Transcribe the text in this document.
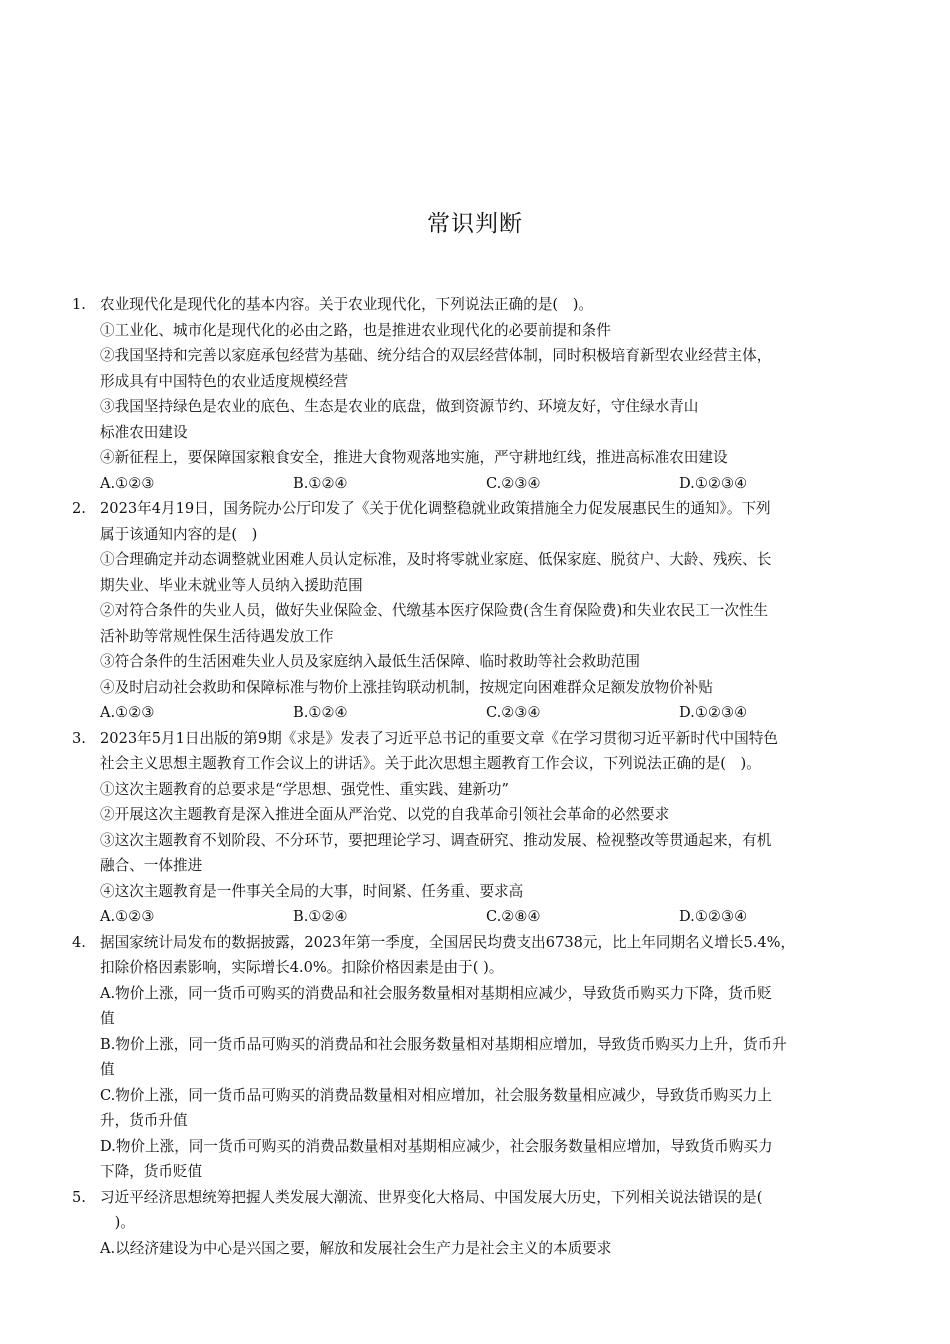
常识判断
1. 农业现代化是现代化的基本内容。关于农业现代化，下列说法正确的是(　)。
①工业化、城市化是现代化的必由之路，也是推进农业现代化的必要前提和条件
②我国坚持和完善以家庭承包经营为基础、统分结合的双层经营体制，同时积极培育新型农业经营主体，
形成具有中国特色的农业适度规模经营
③我国坚持绿色是农业的底色、生态是农业的底盘，做到资源节约、环境友好，守住绿水青山
标准农田建设
④新征程上，要保障国家粮食安全，推进大食物观落地实施，严守耕地红线，推进高标准农田建设
A.①②③	B.①②④	C.②③④	D.①②③④
2. 2023年4月19日，国务院办公厅印发了《关于优化调整稳就业政策措施全力促发展惠民生的通知》。下列
属于该通知内容的是(　)
①合理确定并动态调整就业困难人员认定标准，及时将零就业家庭、低保家庭、脱贫户、大龄、残疾、长
期失业、毕业未就业等人员纳入援助范围
②对符合条件的失业人员，做好失业保险金、代缴基本医疗保险费(含生育保险费)和失业农民工一次性生
活补助等常规性保生活待遇发放工作
③符合条件的生活困难失业人员及家庭纳入最低生活保障、临时救助等社会救助范围
④及时启动社会救助和保障标准与物价上涨挂钩联动机制，按规定向困难群众足额发放物价补贴
A.①②③	B.①②④	C.②③④	D.①②③④
3. 2023年5月1日出版的第9期《求是》发表了习近平总书记的重要文章《在学习贯彻习近平新时代中国特色
社会主义思想主题教育工作会议上的讲话》。关于此次思想主题教育工作会议，下列说法正确的是(　)。
①这次主题教育的总要求是“学思想、强党性、重实践、建新功”
②开展这次主题教育是深入推进全面从严治党、以党的自我革命引领社会革命的必然要求
③这次主题教育不划阶段、不分环节，要把理论学习、调查研究、推动发展、检视整改等贯通起来，有机
融合、一体推进
④这次主题教育是一件事关全局的大事，时间紧、任务重、要求高
A.①②③	B.①②④	C.②⑧④	D.①②③④
4. 据国家统计局发布的数据披露，2023年第一季度，全国居民均费支出6738元，比上年同期名义增长5.4%，
扣除价格因素影响，实际增长4.0%。扣除价格因素是由于( )。
A.物价上涨，同一货币可购买的消费品和社会服务数量相对基期相应减少，导致货币购买力下降，货币贬
值
B.物价上涨，同一货币品可购买的消费品和社会服务数量相对基期相应增加，导致货币购买力上升，货币升
值
C.物价上涨，同一货币品可购买的消费品数量相对相应增加，社会服务数量相应减少，导致货币购买力上
升，货币升值
D.物价上涨，同一货币可购买的消费品数量相对基期相应减少，社会服务数量相应增加，导致货币购买力
下降，货币贬值
5. 习近平经济思想统筹把握人类发展大潮流、世界变化大格局、中国发展大历史，下列相关说法错误的是(
　)。
A.以经济建设为中心是兴国之要，解放和发展社会生产力是社会主义的本质要求
